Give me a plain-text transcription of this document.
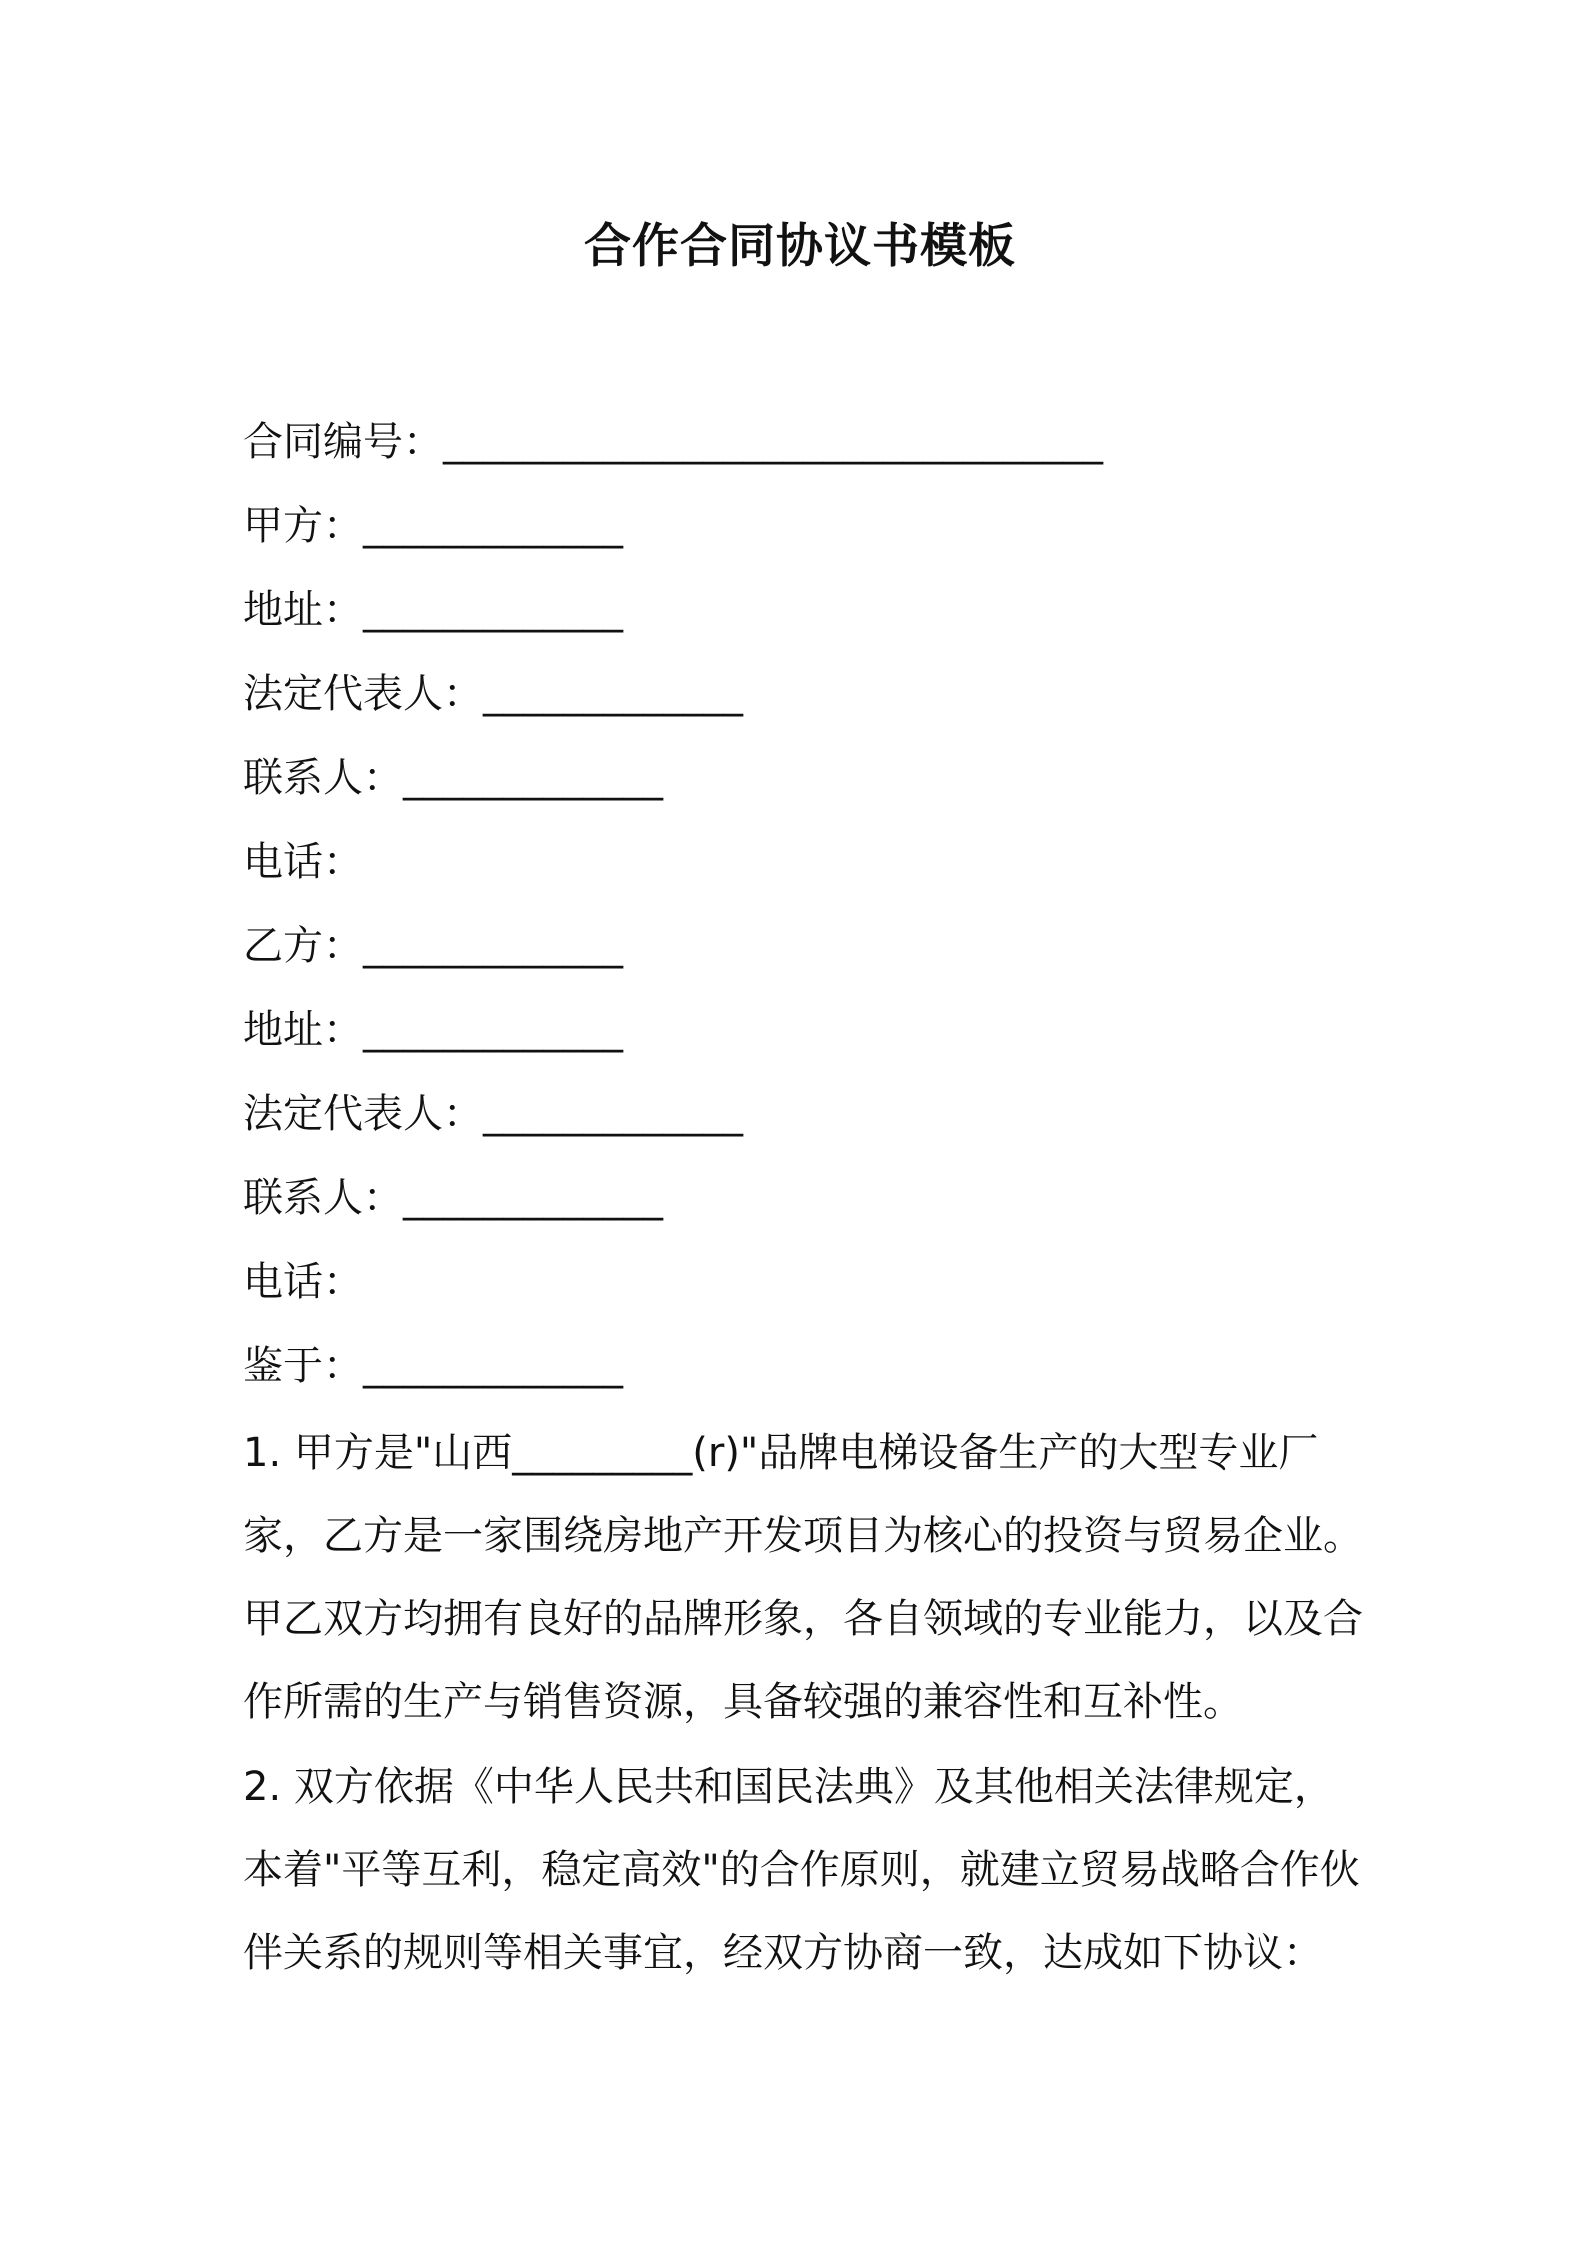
合作合同协议书模板
合同编号：_________________________________
甲方：_____________
地址：_____________
法定代表人：_____________
联系人：_____________
电话：
乙方：_____________
地址：_____________
法定代表人：_____________
联系人：_____________
电话：
鉴于：_____________

1. 甲方是"山西_________(r)"品牌电梯设备生产的大型专业厂家，乙方是一家围绕房地产开发项目为核心的投资与贸易企业。甲乙双方均拥有良好的品牌形象，各自领域的专业能力，以及合作所需的生产与销售资源，具备较强的兼容性和互补性。

2. 双方依据《中华人民共和国民法典》及其他相关法律规定，本着"平等互利，稳定高效"的合作原则，就建立贸易战略合作伙伴关系的规则等相关事宜，经双方协商一致，达成如下协议：
